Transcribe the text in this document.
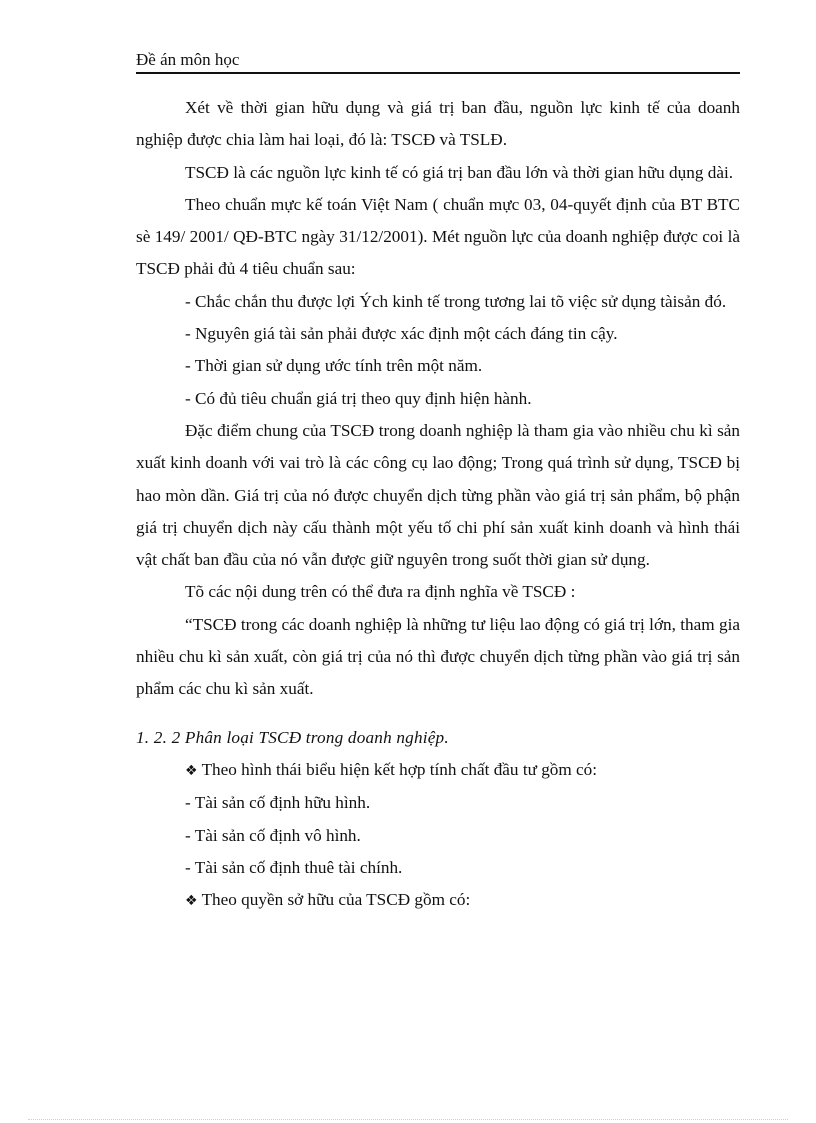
Đề án môn học

Xét về thời gian hữu dụng và giá trị ban đầu, nguồn lực kinh tế của doanh nghiệp được chia làm hai loại, đó là: TSCĐ và TSLĐ.

TSCĐ là các nguồn lực kinh tế có giá trị ban đầu lớn và thời gian hữu dụng dài.

Theo chuẩn mực kế toán Việt Nam ( chuẩn mực 03, 04-quyết định của BT BTC sè 149/ 2001/ QĐ-BTC ngày 31/12/2001). Mét nguồn lực của doanh nghiệp được coi là TSCĐ phải đủ 4 tiêu chuẩn sau:

- Chắc chắn thu được lợi Ých kinh tế trong tương lai tõ việc sử dụng tàisản đó.

- Nguyên giá tài sản phải được xác định một cách đáng tin cậy.

- Thời gian sử dụng ước tính trên một năm.

- Có đủ tiêu chuẩn giá trị theo quy định hiện hành.

Đặc điểm chung của TSCĐ trong doanh nghiệp là tham gia vào nhiều chu kì sản xuất kinh doanh với vai trò là các công cụ lao động; Trong quá trình sử dụng, TSCĐ bị hao mòn dần. Giá trị của nó được chuyển dịch từng phần vào giá trị sản phẩm, bộ phận giá trị chuyển dịch này cấu thành một yếu tố chi phí sản xuất kinh doanh và hình thái vật chất ban đầu của nó vẫn được giữ nguyên trong suốt thời gian sử dụng.

Tõ các nội dung trên có thể đưa ra định nghĩa về TSCĐ :

“TSCĐ trong các doanh nghiệp là những tư liệu lao động có giá trị lớn, tham gia nhiều chu kì sản xuất, còn giá trị của nó thì được chuyển dịch từng phần vào giá trị sản phẩm các chu kì sản xuất.

1. 2. 2 Phân loại TSCĐ trong doanh nghiệp.

❖ Theo hình thái biểu hiện kết hợp tính chất đầu tư gồm có:

- Tài sản cố định hữu hình.

- Tài sản cố định vô hình.

- Tài sản cố định thuê tài chính.

❖ Theo quyền sở hữu của TSCĐ gồm có:
